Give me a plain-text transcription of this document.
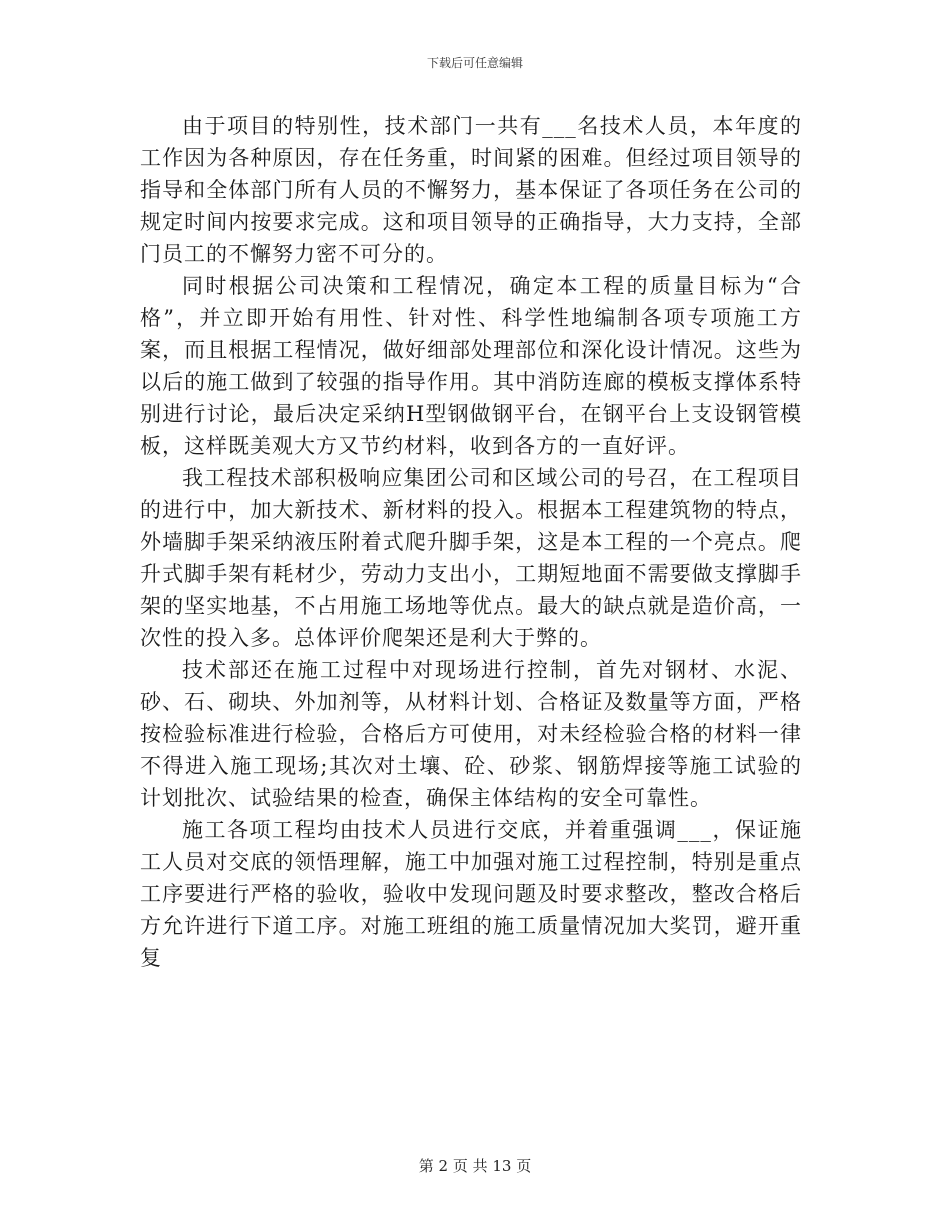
下载后可任意编辑

由于项目的特别性，技术部门一共有___名技术人员，本年度的工作因为各种原因，存在任务重，时间紧的困难。但经过项目领导的指导和全体部门所有人员的不懈努力，基本保证了各项任务在公司的规定时间内按要求完成。这和项目领导的正确指导，大力支持，全部门员工的不懈努力密不可分的。

同时根据公司决策和工程情况，确定本工程的质量目标为“合格”，并立即开始有用性、针对性、科学性地编制各项专项施工方案，而且根据工程情况，做好细部处理部位和深化设计情况。这些为以后的施工做到了较强的指导作用。其中消防连廊的模板支撑体系特别进行讨论，最后决定采纳H型钢做钢平台，在钢平台上支设钢管模板，这样既美观大方又节约材料，收到各方的一直好评。

我工程技术部积极响应集团公司和区域公司的号召，在工程项目的进行中，加大新技术、新材料的投入。根据本工程建筑物的特点，外墙脚手架采纳液压附着式爬升脚手架，这是本工程的一个亮点。爬升式脚手架有耗材少，劳动力支出小，工期短地面不需要做支撑脚手架的坚实地基，不占用施工场地等优点。最大的缺点就是造价高，一次性的投入多。总体评价爬架还是利大于弊的。

技术部还在施工过程中对现场进行控制，首先对钢材、水泥、砂、石、砌块、外加剂等，从材料计划、合格证及数量等方面，严格按检验标准进行检验，合格后方可使用，对未经检验合格的材料一律不得进入施工现场;其次对土壤、砼、砂浆、钢筋焊接等施工试验的计划批次、试验结果的检查，确保主体结构的安全可靠性。

施工各项工程均由技术人员进行交底，并着重强调___，保证施工人员对交底的领悟理解，施工中加强对施工过程控制，特别是重点工序要进行严格的验收，验收中发现问题及时要求整改，整改合格后方允许进行下道工序。对施工班组的施工质量情况加大奖罚，避开重复

第 2 页 共 13 页
